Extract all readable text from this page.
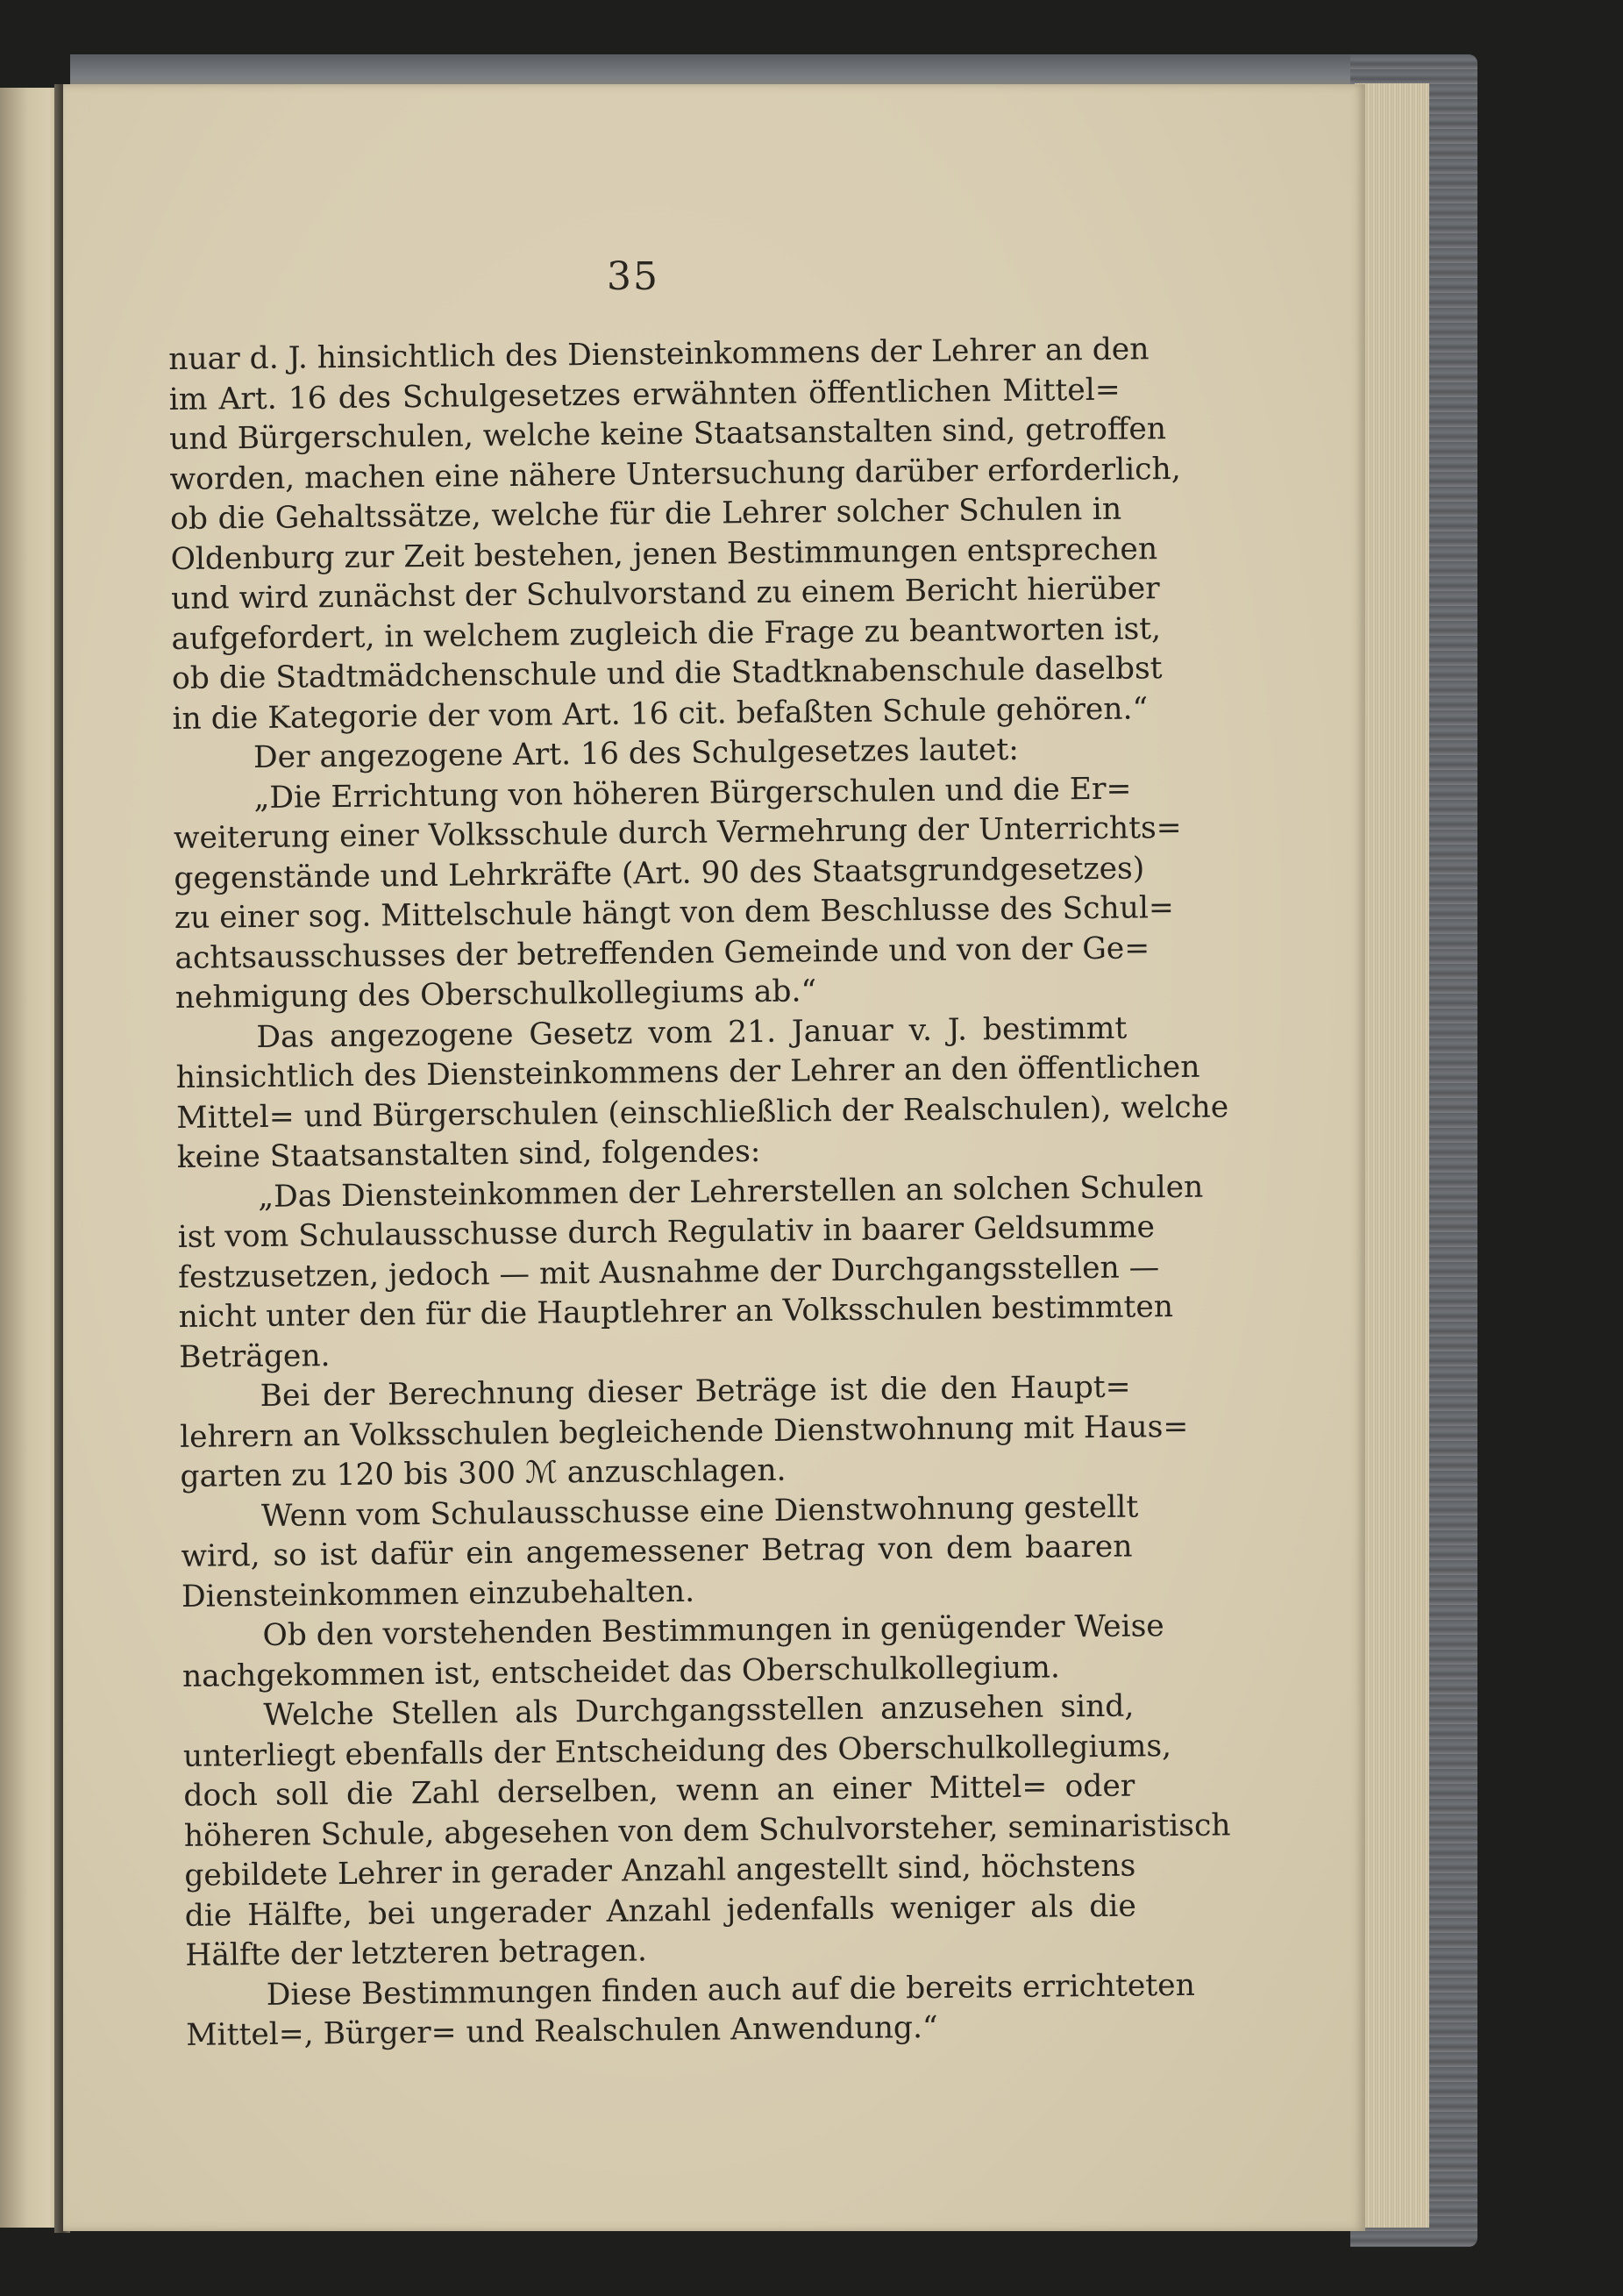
35
nuar d. J. hinsichtlich des Diensteinkommens der Lehrer an den
im Art. 16 des Schulgesetzes erwähnten öffentlichen Mittel=
und Bürgerschulen, welche keine Staatsanstalten sind, getroffen
worden, machen eine nähere Untersuchung darüber erforderlich,
ob die Gehaltssätze, welche für die Lehrer solcher Schulen in
Oldenburg zur Zeit bestehen, jenen Bestimmungen entsprechen
und wird zunächst der Schulvorstand zu einem Bericht hierüber
aufgefordert, in welchem zugleich die Frage zu beantworten ist,
ob die Stadtmädchenschule und die Stadtknabenschule daselbst
in die Kategorie der vom Art. 16 cit. befaßten Schule gehören.“
Der angezogene Art. 16 des Schulgesetzes lautet:
„Die Errichtung von höheren Bürgerschulen und die Er=
weiterung einer Volksschule durch Vermehrung der Unterrichts=
gegenstände und Lehrkräfte (Art. 90 des Staatsgrundgesetzes)
zu einer sog. Mittelschule hängt von dem Beschlusse des Schul=
achtsausschusses der betreffenden Gemeinde und von der Ge=
nehmigung des Oberschulkollegiums ab.“
Das angezogene Gesetz vom 21. Januar v. J. bestimmt
hinsichtlich des Diensteinkommens der Lehrer an den öffentlichen
Mittel= und Bürgerschulen (einschließlich der Realschulen), welche
keine Staatsanstalten sind, folgendes:
„Das Diensteinkommen der Lehrerstellen an solchen Schulen
ist vom Schulausschusse durch Regulativ in baarer Geldsumme
festzusetzen, jedoch — mit Ausnahme der Durchgangsstellen —
nicht unter den für die Hauptlehrer an Volksschulen bestimmten
Beträgen.
Bei der Berechnung dieser Beträge ist die den Haupt=
lehrern an Volksschulen begleichende Dienstwohnung mit Haus=
garten zu 120 bis 300 ℳ anzuschlagen.
Wenn vom Schulausschusse eine Dienstwohnung gestellt
wird, so ist dafür ein angemessener Betrag von dem baaren
Diensteinkommen einzubehalten.
Ob den vorstehenden Bestimmungen in genügender Weise
nachgekommen ist, entscheidet das Oberschulkollegium.
Welche Stellen als Durchgangsstellen anzusehen sind,
unterliegt ebenfalls der Entscheidung des Oberschulkollegiums,
doch soll die Zahl derselben, wenn an einer Mittel= oder
höheren Schule, abgesehen von dem Schulvorsteher, seminaristisch
gebildete Lehrer in gerader Anzahl angestellt sind, höchstens
die Hälfte, bei ungerader Anzahl jedenfalls weniger als die
Hälfte der letzteren betragen.
Diese Bestimmungen finden auch auf die bereits errichteten
Mittel=, Bürger= und Realschulen Anwendung.“
